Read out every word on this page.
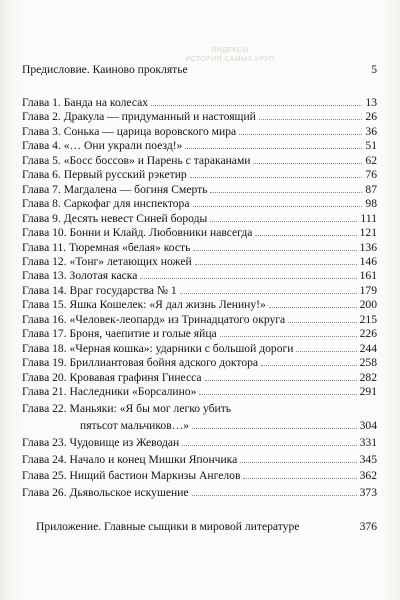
ИНДЕКСЫ
ИСТОРИЯ САМЫХ КРУП
Предисловие. Каиново проклятье	5
Глава 1. Банда на колесах	13
Глава 2. Дракула — придуманный и настоящий	26
Глава 3. Сонька — царица воровского мира	36
Глава 4. «… Они украли поезд!»	51
Глава 5. «Босс боссов» и Парень с тараканами	62
Глава 6. Первый русский рэкетир	76
Глава 7. Магдалена — богиня Смерть	87
Глава 8. Саркофаг для инспектора	98
Глава 9. Десять невест Синей бороды	111
Глава 10. Бонни и Клайд. Любовники навсегда	121
Глава 11. Тюремная «белая» кость	136
Глава 12. «Тонг» летающих ножей	146
Глава 13. Золотая каска	161
Глава 14. Враг государства № 1	179
Глава 15. Яшка Кошелек: «Я дал жизнь Ленину!»	200
Глава 16. «Человек-леопард» из Тринадцатого округа	215
Глава 17. Броня, чаепитие и голые яйца	226
Глава 18. «Черная кошка»: ударники с большой дороги	244
Глава 19. Бриллиантовая бойня адского доктора	258
Глава 20. Кровавая графиня Гинесса	282
Глава 21. Наследники «Борсалино»	291
Глава 22. Маньяки: «Я бы мог легко убить
пятьсот мальчиков…»	304
Глава 23. Чудовище из Жеводан	331
Глава 24. Начало и конец Мишки Япончика	345
Глава 25. Нищий бастион Маркизы Ангелов	362
Глава 26. Дьявольское искушение	373
Приложение. Главные сыщики в мировой литературе	376
